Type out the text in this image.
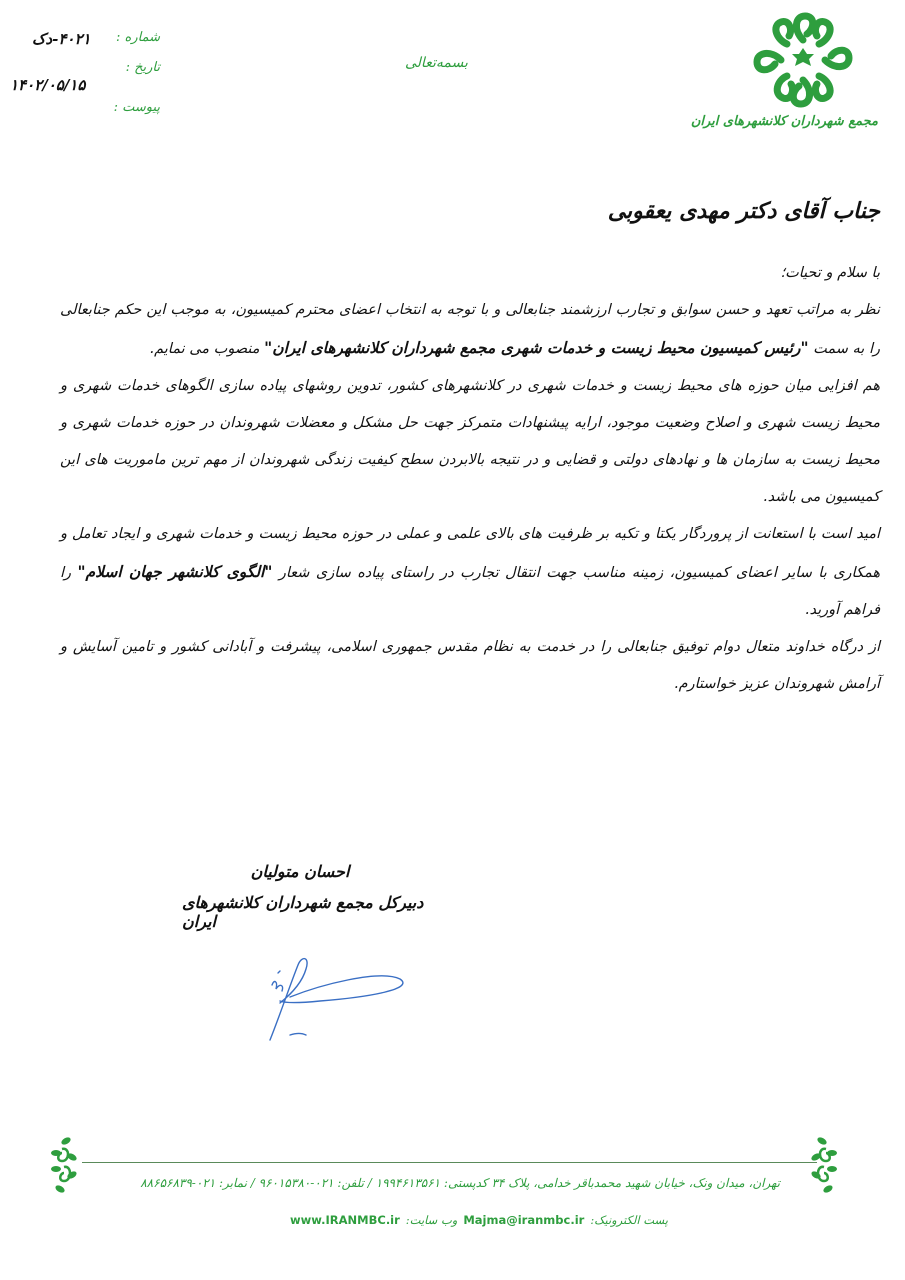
مجمع شهرداران کلانشهرهای ایران
بسمه‌تعالی
شماره :
۴۰۲۱-دک
تاریخ :
۱۴۰۲/۰۵/۱۵
پیوست :
جناب آقای دکتر مهدی یعقوبی
با سلام و تحیات؛
نظر به مراتب تعهد و حسن سوابق و تجارب ارزشمند جنابعالی و با توجه به انتخاب اعضای محترم کمیسیون، به موجب این حکم جنابعالی را به سمت "رئیس کمیسیون محیط زیست و خدمات شهری مجمع شهرداران کلانشهرهای ایران" منصوب می نمایم.
هم افزایی میان حوزه های محیط زیست و خدمات شهری در کلانشهرهای کشور، تدوین روشهای پیاده سازی الگوهای خدمات شهری و محیط زیست شهری و اصلاح وضعیت موجود، ارایه پیشنهادات متمرکز جهت حل مشکل و معضلات شهروندان در حوزه خدمات شهری و محیط زیست به سازمان ها و نهادهای دولتی و قضایی و در نتیجه بالابردن سطح کیفیت زندگی شهروندان از مهم ترین ماموریت های این کمیسیون می باشد.
امید است با استعانت از پروردگار یکتا و تکیه بر ظرفیت های بالای علمی و عملی در حوزه محیط زیست و خدمات شهری و ایجاد تعامل و همکاری با سایر اعضای کمیسیون، زمینه مناسب جهت انتقال تجارب در راستای پیاده سازی شعار "الگوی کلانشهر جهان اسلام" را فراهم آورید.
از درگاه خداوند متعال دوام توفیق جنابعالی را در خدمت به نظام مقدس جمهوری اسلامی، پیشرفت و آبادانی کشور و تامین آسایش و آرامش شهروندان عزیز خواستارم.
احسان متولیان
دبیرکل مجمع شهرداران کلانشهرهای ایران
تهران، میدان ونک، خیابان شهید محمدباقر خدامی، پلاک ۳۴ کدپستی: ۱۹۹۴۶۱۳۵۶۱ / تلفن: ۰۲۱-۹۶۰۱۵۳۸۰ / نمابر: ۰۲۱-۸۸۶۵۶۸۳۹
پست الکترونیک:Majma@iranmbc.irوب سایت:www.IRANMBC.ir
